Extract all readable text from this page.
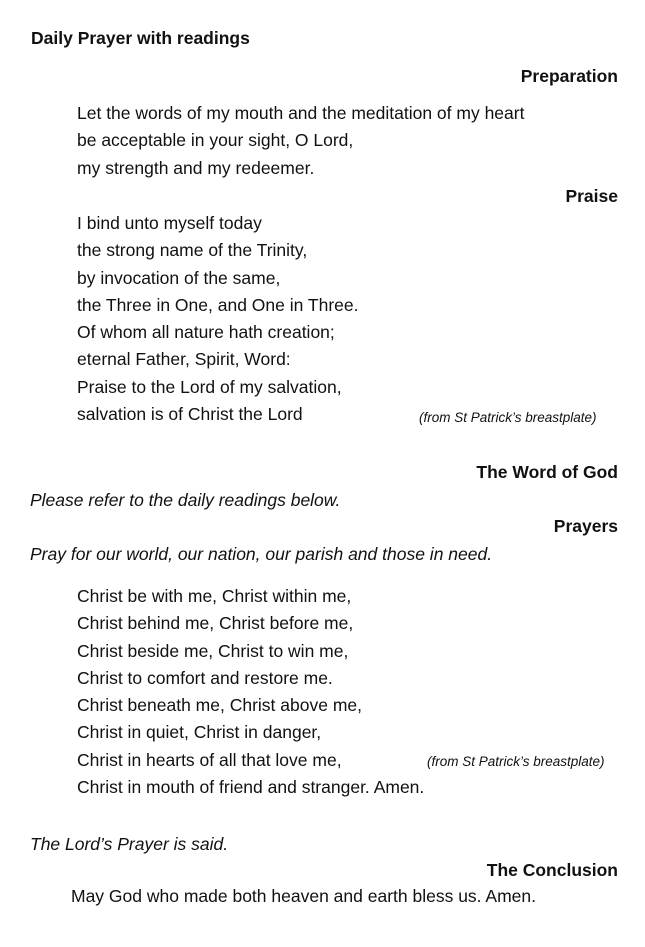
Daily Prayer with readings
Preparation
Let the words of my mouth and the meditation of my heart
be acceptable in your sight, O Lord,
my strength and my redeemer.
Praise
I bind unto myself today
the strong name of the Trinity,
by invocation of the same,
the Three in One, and One in Three.
Of whom all nature hath creation;
eternal Father, Spirit, Word:
Praise to the Lord of my salvation,
salvation is of Christ the Lord	(from St Patrick’s breastplate)
The Word of God
Please refer to the daily readings below.
Prayers
Pray for our world, our nation, our parish and those in need.
Christ be with me, Christ within me,
Christ behind me, Christ before me,
Christ beside me, Christ to win me,
Christ to comfort and restore me.
Christ beneath me, Christ above me,
Christ in quiet, Christ in danger,
Christ in hearts of all that love me,
Christ in mouth of friend and stranger. Amen.
(from St Patrick’s breastplate)
The Lord’s Prayer is said.
The Conclusion
May God who made both heaven and earth bless us. Amen.
